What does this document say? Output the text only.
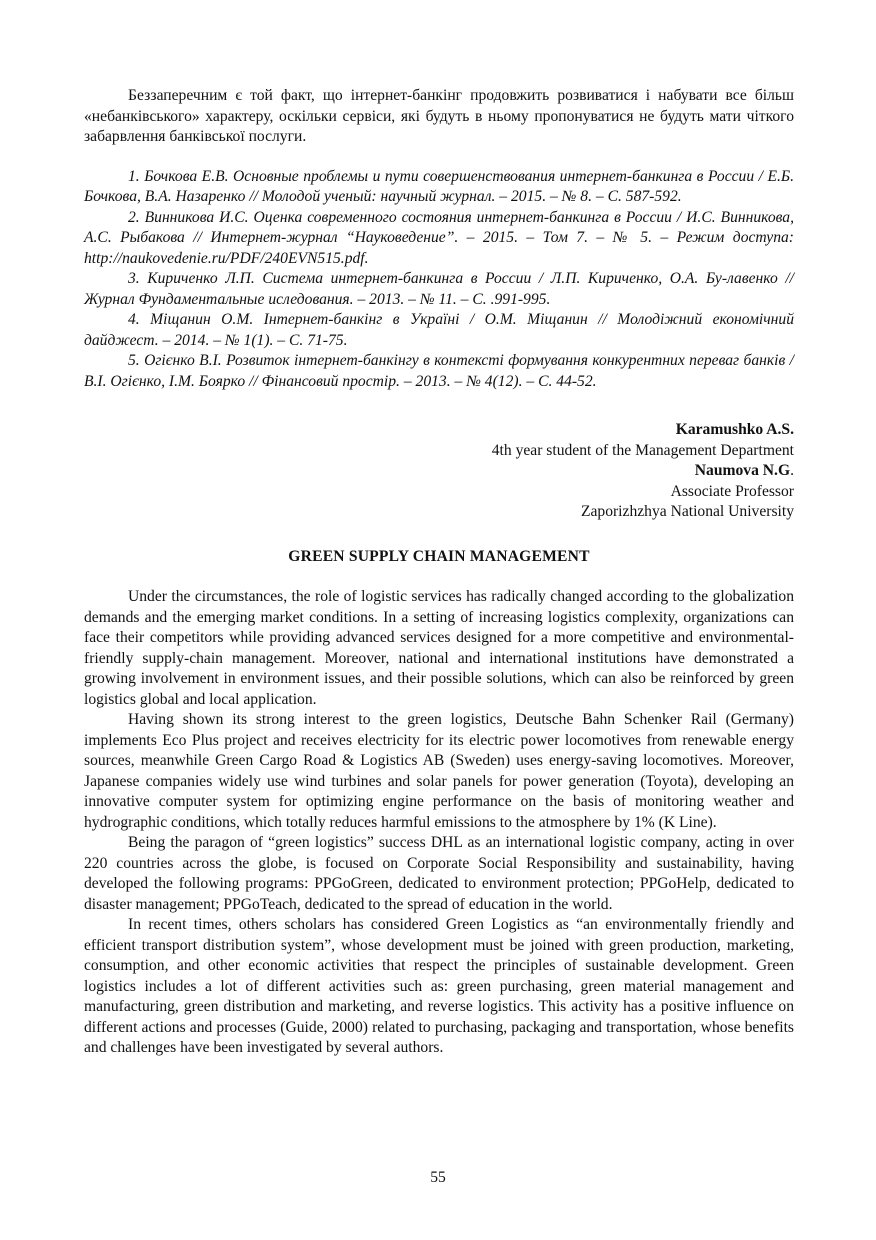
Беззаперечним є той факт, що інтернет-банкінг продовжить розвиватися і набувати все більш «небанківського» характеру, оскільки сервіси, які будуть в ньому пропонуватися не будуть мати чіткого забарвлення банківської послуги.

1. Бочкова Е.В. Основные проблемы и пути совершенствования интернет-банкинга в России / Е.Б. Бочкова, В.А. Назаренко // Молодой ученый: научный журнал. – 2015. – № 8. – С. 587-592.

2. Винникова И.С. Оценка современного состояния интернет-банкинга в России / И.С. Винникова, А.С. Рыбакова // Интернет-журнал “Науковедение”. – 2015. – Том 7. – № 5. – Режим доступа: http://naukovedenie.ru/PDF/240EVN515.pdf.

3. Кириченко Л.П. Система интернет-банкинга в России / Л.П. Кириченко, О.А. Бу-лавенко // Журнал Фундаментальные иследования. – 2013. – № 11. – С. .991-995.

4. Міщанин О.М. Інтернет-банкінг в Україні / О.М. Міщанин // Молодіжний економічний дайджест. – 2014. – № 1(1). – С. 71-75.

5. Огієнко В.І. Розвиток інтернет-банкінгу в контексті формування конкурентних переваг банків / В.І. Огієнко, І.М. Боярко // Фінансовий простір. – 2013. – № 4(12). – С. 44-52.

Karamushko A.S.
4th year student of the Management Department
Naumova N.G.
Associate Professor
Zaporizhzhya National University
GREEN SUPPLY CHAIN MANAGEMENT

Under the circumstances, the role of logistic services has radically changed according to the globalization demands and the emerging market conditions. In a setting of increasing logistics complexity, organizations can face their competitors while providing advanced services designed for a more competitive and environmental-friendly supply-chain management. Moreover, national and international institutions have demonstrated a growing involvement in environment issues, and their possible solutions, which can also be reinforced by green logistics global and local application.

Having shown its strong interest to the green logistics, Deutsche Bahn Schenker Rail (Germany) implements Eco Plus project and receives electricity for its electric power locomotives from renewable energy sources, meanwhile Green Cargo Road & Logistics AB (Sweden) uses energy-saving locomotives. Moreover, Japanese companies widely use wind turbines and solar panels for power generation (Toyota), developing an innovative computer system for optimizing engine performance on the basis of monitoring weather and hydrographic conditions, which totally reduces harmful emissions to the atmosphere by 1% (K Line).

Being the paragon of “green logistics” success DHL as an international logistic company, acting in over 220 countries across the globe, is focused on Corporate Social Responsibility and sustainability, having developed the following programs: PPGoGreen, dedicated to environment protection; PPGoHelp, dedicated to disaster management; PPGoTeach, dedicated to the spread of education in the world.

In recent times, others scholars has considered Green Logistics as “an environmentally friendly and efficient transport distribution system”, whose development must be joined with green production, marketing, consumption, and other economic activities that respect the principles of sustainable development. Green logistics includes a lot of different activities such as: green purchasing, green material management and manufacturing, green distribution and marketing, and reverse logistics. This activity has a positive influence on different actions and processes (Guide, 2000) related to purchasing, packaging and transportation, whose benefits and challenges have been investigated by several authors.

55
